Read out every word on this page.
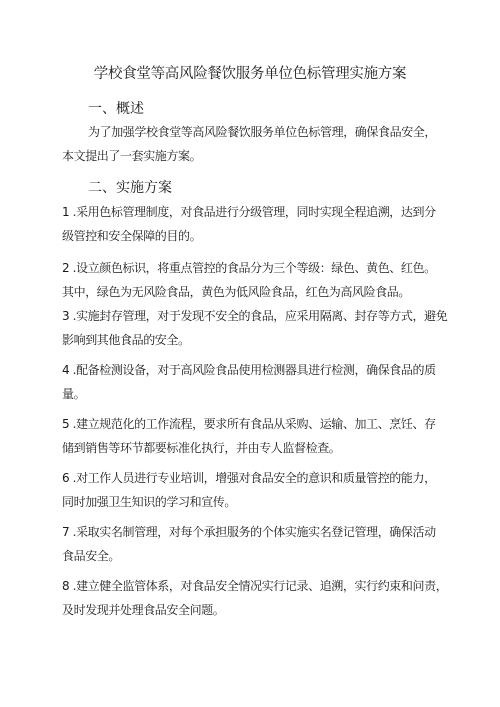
学校食堂等高风险餐饮服务单位色标管理实施方案
一、概述
为了加强学校食堂等高风险餐饮服务单位色标管理，确保食品安全，
本文提出了一套实施方案。
二、实施方案
1 .采用色标管理制度，对食品进行分级管理，同时实现全程追溯，达到分
级管控和安全保障的目的。
2 .设立颜色标识，将重点管控的食品分为三个等级：绿色、黄色、红色。
其中，绿色为无风险食品，黄色为低风险食品，红色为高风险食品。
3 .实施封存管理，对于发现不安全的食品，应采用隔离、封存等方式，避免
影响到其他食品的安全。
4 .配备检测设备，对于高风险食品使用检测器具进行检测，确保食品的质
量。
5 .建立规范化的工作流程，要求所有食品从采购、运输、加工、烹饪、存
储到销售等环节都要标准化执行，并由专人监督检查。
6 .对工作人员进行专业培训，增强对食品安全的意识和质量管控的能力，
同时加强卫生知识的学习和宣传。
7 .采取实名制管理，对每个承担服务的个体实施实名登记管理，确保活动
食品安全。
8 .建立健全监管体系，对食品安全情况实行记录、追溯，实行约束和问责，
及时发现并处理食品安全问题。
